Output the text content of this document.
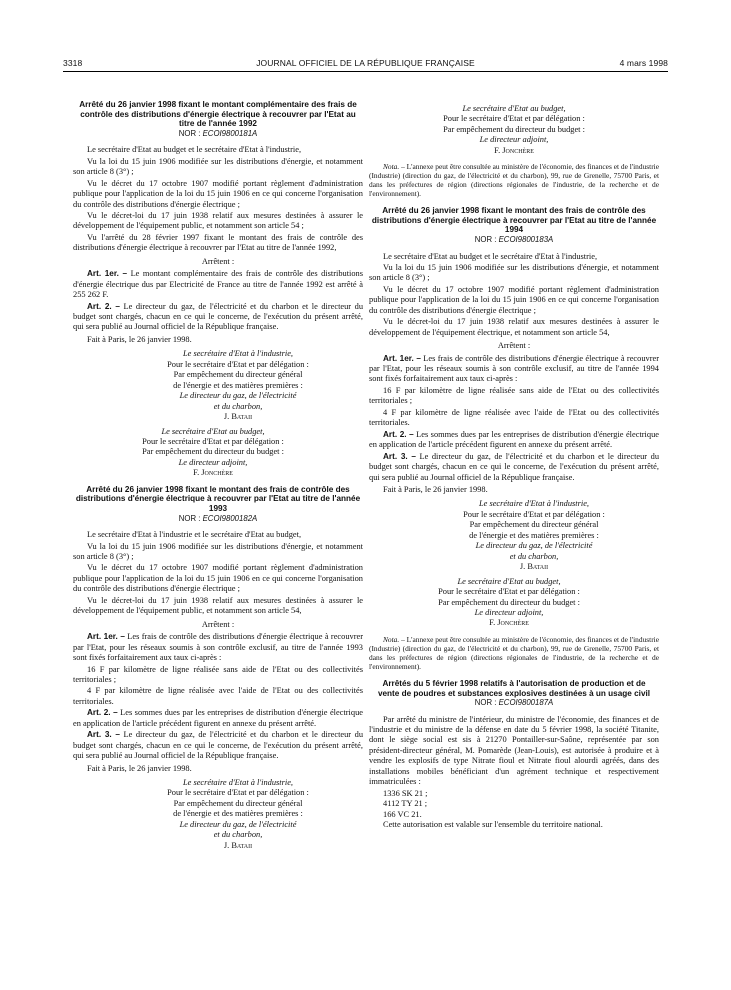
3318	JOURNAL OFFICIEL DE LA RÉPUBLIQUE FRANÇAISE	4 mars 1998
Arrêté du 26 janvier 1998 fixant le montant complémentaire des frais de contrôle des distributions d'énergie électrique à recouvrer par l'Etat au titre de l'année 1992
NOR : ECOI9800181A

Le secrétaire d'Etat au budget et le secrétaire d'Etat à l'industrie,

Vu la loi du 15 juin 1906 modifiée sur les distributions d'énergie, et notamment son article 8 (3°) ;

Vu le décret du 17 octobre 1907 modifié portant règlement d'administration publique pour l'application de la loi du 15 juin 1906 en ce qui concerne l'organisation du contrôle des distributions d'énergie électrique ;

Vu le décret-loi du 17 juin 1938 relatif aux mesures destinées à assurer le développement de l'équipement public, et notamment son article 54 ;

Vu l'arrêté du 28 février 1997 fixant le montant des frais de contrôle des distributions d'énergie électrique à recouvrer par l'Etat au titre de l'année 1992,

Arrêtent :

Art. 1er. – Le montant complémentaire des frais de contrôle des distributions d'énergie électrique dus par Electricité de France au titre de l'année 1992 est arrêté à 255 262 F.

Art. 2. – Le directeur du gaz, de l'électricité et du charbon et le directeur du budget sont chargés, chacun en ce qui le concerne, de l'exécution du présent arrêté, qui sera publié au Journal officiel de la République française.

Fait à Paris, le 26 janvier 1998.

Le secrétaire d'Etat à l'industrie,

Pour le secrétaire d'Etat et par délégation :

Par empêchement du directeur général

de l'énergie et des matières premières :

Le directeur du gaz, de l'électricité

et du charbon,

J. Bataii

Le secrétaire d'Etat au budget,

Pour le secrétaire d'Etat et par délégation :

Par empêchement du directeur du budget :

Le directeur adjoint,

F. Jonchère

Arrêté du 26 janvier 1998 fixant le montant des frais de contrôle des distributions d'énergie électrique à recouvrer par l'Etat au titre de l'année 1993
NOR : ECOI9800182A

Le secrétaire d'Etat à l'industrie et le secrétaire d'Etat au budget,

Vu la loi du 15 juin 1906 modifiée sur les distributions d'énergie, et notamment son article 8 (3°) ;

Vu le décret du 17 octobre 1907 modifié portant règlement d'administration publique pour l'application de la loi du 15 juin 1906 en ce qui concerne l'organisation du contrôle des distributions d'énergie électrique ;

Vu le décret-loi du 17 juin 1938 relatif aux mesures destinées à assurer le développement de l'équipement public, et notamment son article 54,

Arrêtent :

Art. 1er. – Les frais de contrôle des distributions d'énergie électrique à recouvrer par l'Etat, pour les réseaux soumis à son contrôle exclusif, au titre de l'année 1993 sont fixés forfaitairement aux taux ci-après :

16 F par kilomètre de ligne réalisée sans aide de l'Etat ou des collectivités territoriales ;

4 F par kilomètre de ligne réalisée avec l'aide de l'Etat ou des collectivités territoriales.

Art. 2. – Les sommes dues par les entreprises de distribution d'énergie électrique en application de l'article précédent figurent en annexe du présent arrêté.

Art. 3. – Le directeur du gaz, de l'électricité et du charbon et le directeur du budget sont chargés, chacun en ce qui le concerne, de l'exécution du présent arrêté, qui sera publié au Journal officiel de la République française.

Fait à Paris, le 26 janvier 1998.

Le secrétaire d'Etat à l'industrie,

Pour le secrétaire d'Etat et par délégation :

Par empêchement du directeur général

de l'énergie et des matières premières :

Le directeur du gaz, de l'électricité

et du charbon,

J. Bataii

Le secrétaire d'Etat au budget,

Pour le secrétaire d'Etat et par délégation :

Par empêchement du directeur du budget :

Le directeur adjoint,

F. Jonchère

Nota. – L'annexe peut être consultée au ministère de l'économie, des finances et de l'industrie (Industrie) (direction du gaz, de l'électricité et du charbon), 99, rue de Grenelle, 75700 Paris, et dans les préfectures de région (directions régionales de l'industrie, de la recherche et de l'environnement).

Arrêté du 26 janvier 1998 fixant le montant des frais de contrôle des distributions d'énergie électrique à recouvrer par l'Etat au titre de l'année 1994
NOR : ECOI9800183A

Le secrétaire d'Etat au budget et le secrétaire d'Etat à l'industrie,

Vu la loi du 15 juin 1906 modifiée sur les distributions d'énergie, et notamment son article 8 (3°) ;

Vu le décret du 17 octobre 1907 modifié portant règlement d'administration publique pour l'application de la loi du 15 juin 1906 en ce qui concerne l'organisation du contrôle des distributions d'énergie électrique ;

Vu le décret-loi du 17 juin 1938 relatif aux mesures destinées à assurer le développement de l'équipement électrique, et notamment son article 54,

Arrêtent :

Art. 1er. – Les frais de contrôle des distributions d'énergie électrique à recouvrer par l'Etat, pour les réseaux soumis à son contrôle exclusif, au titre de l'année 1994 sont fixés forfaitairement aux taux ci-après :

16 F par kilomètre de ligne réalisée sans aide de l'Etat ou des collectivités territoriales ;

4 F par kilomètre de ligne réalisée avec l'aide de l'Etat ou des collectivités territoriales.

Art. 2. – Les sommes dues par les entreprises de distribution d'énergie électrique en application de l'article précédent figurent en annexe du présent arrêté.

Art. 3. – Le directeur du gaz, de l'électricité et du charbon et le directeur du budget sont chargés, chacun en ce qui le concerne, de l'exécution du présent arrêté, qui sera publié au Journal officiel de la République française.

Fait à Paris, le 26 janvier 1998.

Le secrétaire d'Etat à l'industrie,

Pour le secrétaire d'Etat et par délégation :

Par empêchement du directeur général

de l'énergie et des matières premières :

Le directeur du gaz, de l'électricité

et du charbon,

J. Bataii

Le secrétaire d'Etat au budget,

Pour le secrétaire d'Etat et par délégation :

Par empêchement du directeur du budget :

Le directeur adjoint,

F. Jonchère

Nota. – L'annexe peut être consultée au ministère de l'économie, des finances et de l'industrie (Industrie) (direction du gaz, de l'électricité et du charbon), 99, rue de Grenelle, 75700 Paris, et dans les préfectures de région (directions régionales de l'industrie, de la recherche et de l'environnement).

Arrêtés du 5 février 1998 relatifs à l'autorisation de production et de vente de poudres et substances explosives destinées à un usage civil
NOR : ECOI9800187A

Par arrêté du ministre de l'intérieur, du ministre de l'économie, des finances et de l'industrie et du ministre de la défense en date du 5 février 1998, la société Titanite, dont le siège social est sis à 21270 Pontailler-sur-Saône, représentée par son président-directeur général, M. Pomarède (Jean-Louis), est autorisée à produire et à vendre les explosifs de type Nitrate fioul et Nitrate fioul alourdi agréés, dans des installations mobiles bénéficiant d'un agrément technique et respectivement immatriculées :

1336 SK 21 ;

4112 TY 21 ;

166 VC 21.

Cette autorisation est valable sur l'ensemble du territoire national.
